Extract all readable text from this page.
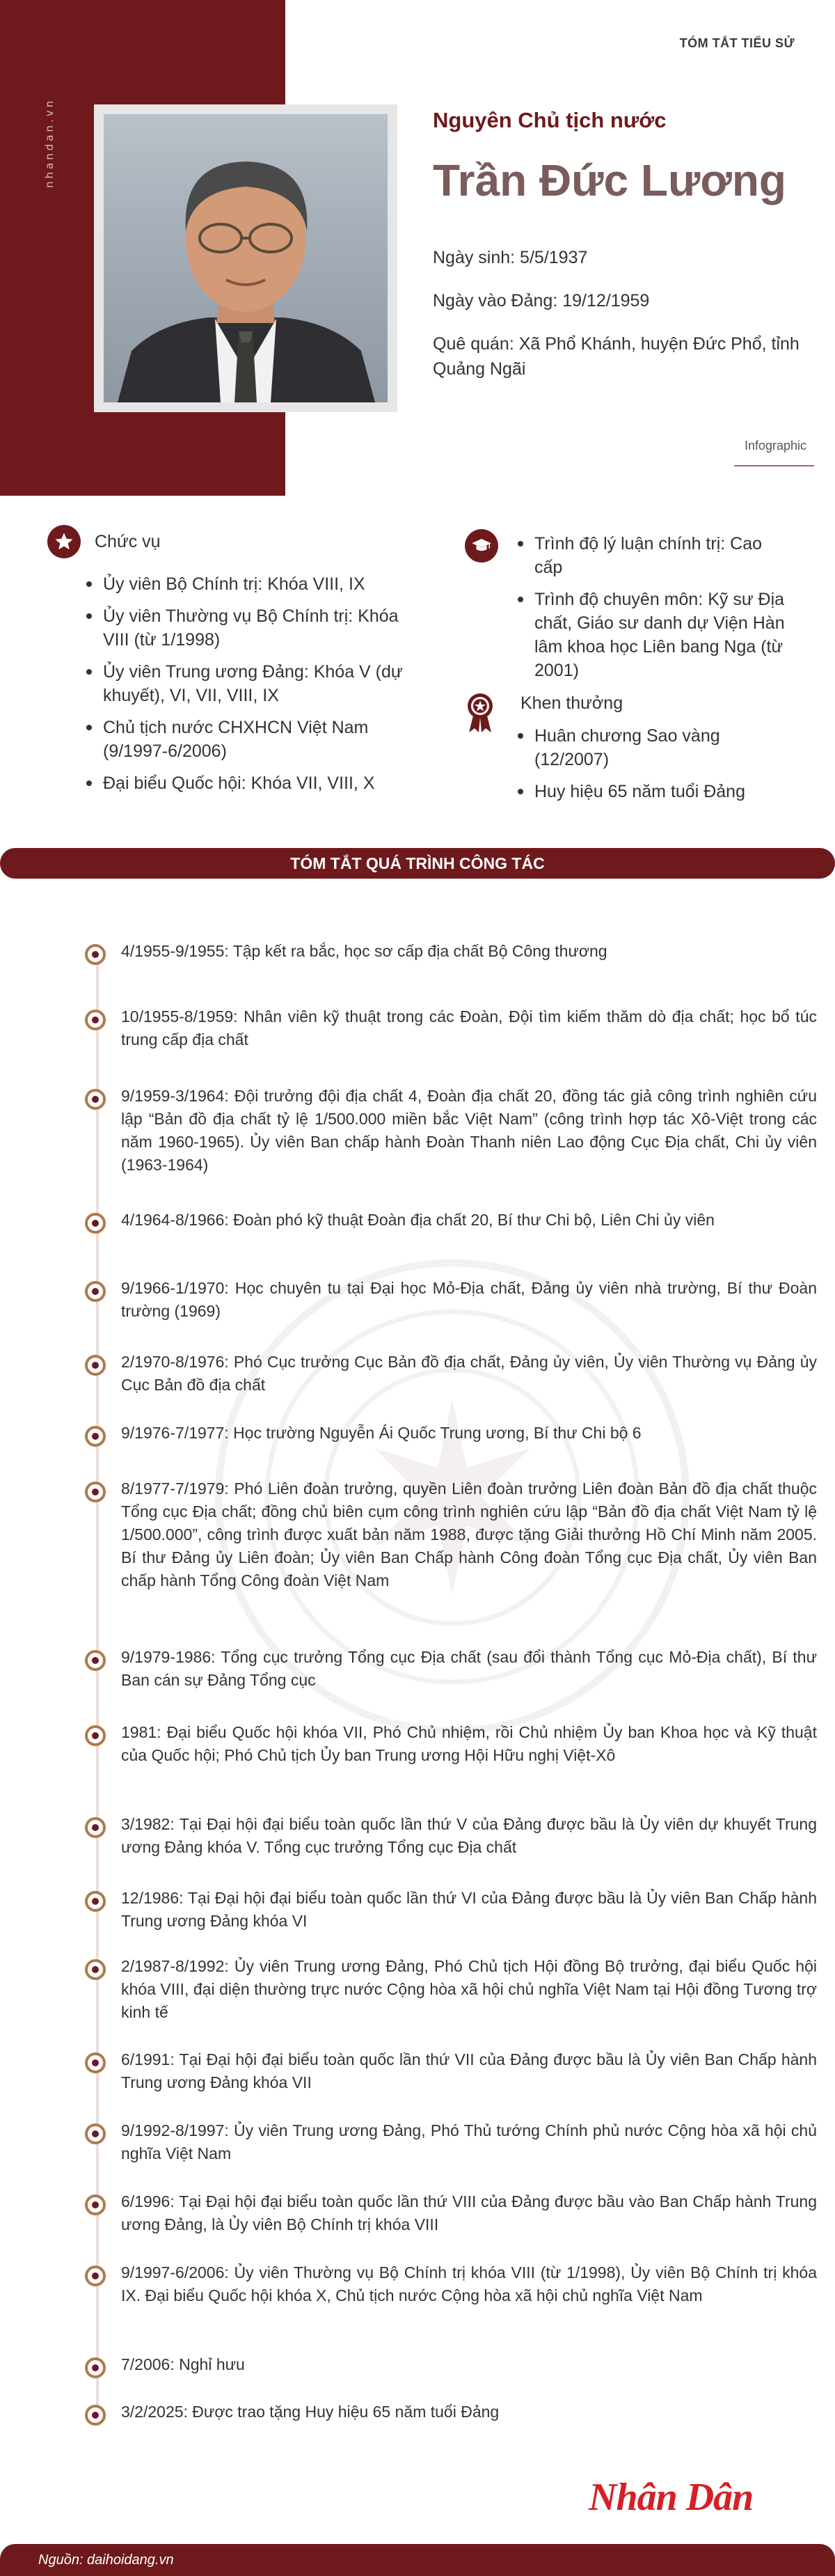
nhandan.vn
TÓM TẮT TIỂU SỬ
Nguyên Chủ tịch nước
Trần Đức Lương
Ngày sinh: 5/5/1937
Ngày vào Đảng: 19/12/1959
Quê quán: Xã Phổ Khánh, huyện Đức Phổ, tỉnh Quảng Ngãi
Infographic
Chức vụ
Ủy viên Bộ Chính trị: Khóa VIII, IX
Ủy viên Thường vụ Bộ Chính trị: Khóa VIII (từ 1/1998)
Ủy viên Trung ương Đảng: Khóa V (dự khuyết), VI, VII, VIII, IX
Chủ tịch nước CHXHCN Việt Nam (9/1997-6/2006)
Đại biểu Quốc hội: Khóa VII, VIII, X
Trình độ lý luận chính trị: Cao cấp
Trình độ chuyên môn: Kỹ sư Địa chất, Giáo sư danh dự Viện Hàn lâm khoa học Liên bang Nga (từ 2001)
Khen thưởng
Huân chương Sao vàng (12/2007)
Huy hiệu 65 năm tuổi Đảng
TÓM TẮT QUÁ TRÌNH CÔNG TÁC
4/1955-9/1955: Tập kết ra bắc, học sơ cấp địa chất Bộ Công thương
10/1955-8/1959: Nhân viên kỹ thuật trong các Đoàn, Đội tìm kiếm thăm dò địa chất; học bổ túc trung cấp địa chất
9/1959-3/1964: Đội trưởng đội địa chất 4, Đoàn địa chất 20, đồng tác giả công trình nghiên cứu lập “Bản đồ địa chất tỷ lệ 1/500.000 miền bắc Việt Nam” (công trình hợp tác Xô-Việt trong các năm 1960-1965). Ủy viên Ban chấp hành Đoàn Thanh niên Lao động Cục Địa chất, Chi ủy viên (1963-1964)
4/1964-8/1966: Đoàn phó kỹ thuật Đoàn địa chất 20, Bí thư Chi bộ, Liên Chi ủy viên
9/1966-1/1970: Học chuyên tu tại Đại học Mỏ-Địa chất, Đảng ủy viên nhà trường, Bí thư Đoàn trường (1969)
2/1970-8/1976: Phó Cục trưởng Cục Bản đồ địa chất, Đảng ủy viên, Ủy viên Thường vụ Đảng ủy Cục Bản đồ địa chất
9/1976-7/1977: Học trường Nguyễn Ái Quốc Trung ương, Bí thư Chi bộ 6
8/1977-7/1979: Phó Liên đoàn trưởng, quyền Liên đoàn trưởng Liên đoàn Bản đồ địa chất thuộc Tổng cục Địa chất; đồng chủ biên cụm công trình nghiên cứu lập “Bản đồ địa chất Việt Nam tỷ lệ 1/500.000”, công trình được xuất bản năm 1988, được tặng Giải thưởng Hồ Chí Minh năm 2005. Bí thư Đảng ủy Liên đoàn; Ủy viên Ban Chấp hành Công đoàn Tổng cục Địa chất, Ủy viên Ban chấp hành Tổng Công đoàn Việt Nam
9/1979-1986: Tổng cục trưởng Tổng cục Địa chất (sau đổi thành Tổng cục Mỏ-Địa chất), Bí thư Ban cán sự Đảng Tổng cục
1981: Đại biểu Quốc hội khóa VII, Phó Chủ nhiệm, rồi Chủ nhiệm Ủy ban Khoa học và Kỹ thuật của Quốc hội; Phó Chủ tịch Ủy ban Trung ương Hội Hữu nghị Việt-Xô
3/1982: Tại Đại hội đại biểu toàn quốc lần thứ V của Đảng được bầu là Ủy viên dự khuyết Trung ương Đảng khóa V. Tổng cục trưởng Tổng cục Địa chất
12/1986: Tại Đại hội đại biểu toàn quốc lần thứ VI của Đảng được bầu là Ủy viên Ban Chấp hành Trung ương Đảng khóa VI
2/1987-8/1992: Ủy viên Trung ương Đảng, Phó Chủ tịch Hội đồng Bộ trưởng, đại biểu Quốc hội khóa VIII, đại diện thường trực nước Cộng hòa xã hội chủ nghĩa Việt Nam tại Hội đồng Tương trợ kinh tế
6/1991: Tại Đại hội đại biểu toàn quốc lần thứ VII của Đảng được bầu là Ủy viên Ban Chấp hành Trung ương Đảng khóa VII
9/1992-8/1997: Ủy viên Trung ương Đảng, Phó Thủ tướng Chính phủ nước Cộng hòa xã hội chủ nghĩa Việt Nam
6/1996: Tại Đại hội đại biểu toàn quốc lần thứ VIII của Đảng được bầu vào Ban Chấp hành Trung ương Đảng, là Ủy viên Bộ Chính trị khóa VIII
9/1997-6/2006: Ủy viên Thường vụ Bộ Chính trị khóa VIII (từ 1/1998), Ủy viên Bộ Chính trị khóa IX. Đại biểu Quốc hội khóa X, Chủ tịch nước Cộng hòa xã hội chủ nghĩa Việt Nam
7/2006: Nghỉ hưu
3/2/2025: Được trao tặng Huy hiệu 65 năm tuổi Đảng
Nhân Dân
Nguồn: daihoidang.vn
